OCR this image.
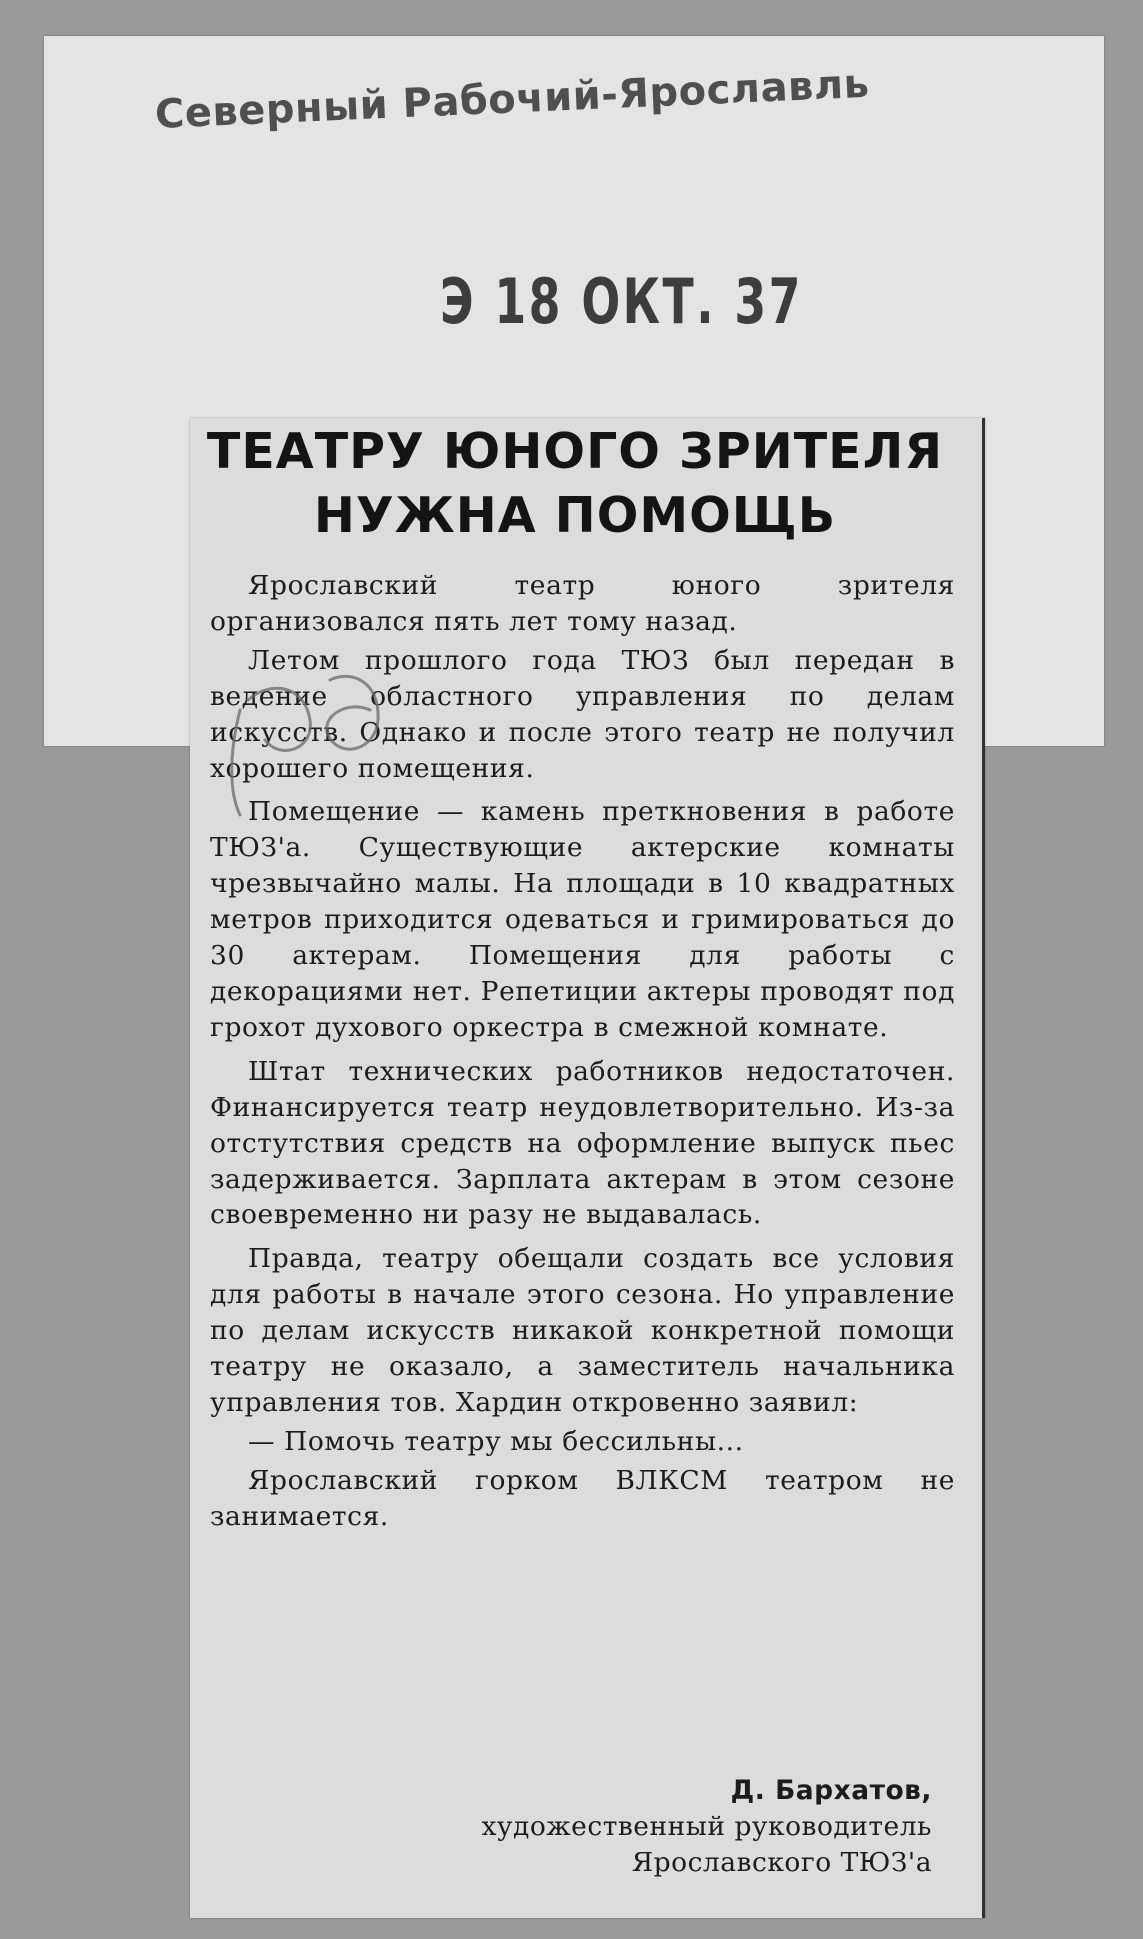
Северный Рабочий-Ярославль
Э 18 ОКТ. 37
ТЕАТРУ ЮНОГО ЗРИТЕЛЯ
НУЖНА ПОМОЩЬ

Ярославский театр юного зрителя организовался пять лет тому назад.

Летом прошлого года ТЮЗ был передан в ведение областного управления по делам искусств. Однако и после этого театр не получил хорошего помещения.

Помещение — камень преткновения в работе ТЮЗ'а. Существующие актерские комнаты чрезвычайно малы. На площади в 10 квадратных метров приходится одеваться и гримироваться до 30 актерам. Помещения для работы с декорациями нет. Репетиции актеры проводят под грохот духового оркестра в смежной комнате.

Штат технических работников недостаточен. Финансируется театр неудовлетворительно. Из-за отстутствия средств на оформление выпуск пьес задерживается. Зарплата актерам в этом сезоне своевременно ни разу не выдавалась.

Правда, театру обещали создать все условия для работы в начале этого сезона. Но управление по делам искусств никакой конкретной помощи театру не оказало, а заместитель начальника управления тов. Хардин откровенно заявил:

— Помочь театру мы бессильны...

Ярославский горком ВЛКСМ театром не занимается.

Д. Бархатов,
художественный руководитель
Ярославского ТЮЗ'а
